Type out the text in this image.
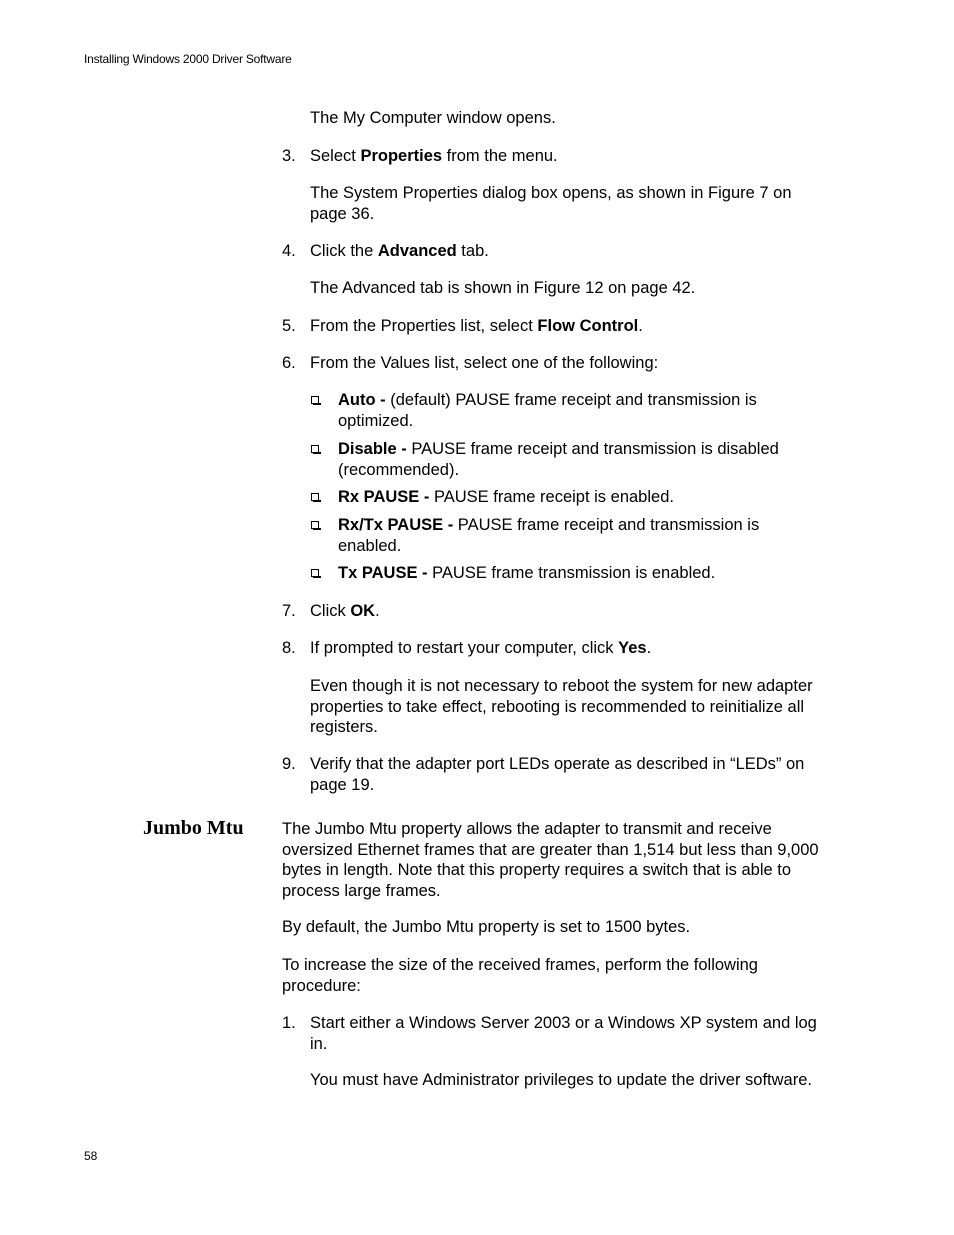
Installing Windows 2000 Driver Software
The My Computer window opens.
3. Select Properties from the menu.
The System Properties dialog box opens, as shown in Figure 7 on
page 36.
4. Click the Advanced tab.
The Advanced tab is shown in Figure 12 on page 42.
5. From the Properties list, select Flow Control.
6. From the Values list, select one of the following:
Auto - (default) PAUSE frame receipt and transmission is
optimized.
Disable - PAUSE frame receipt and transmission is disabled
(recommended).
Rx PAUSE - PAUSE frame receipt is enabled.
Rx/Tx PAUSE - PAUSE frame receipt and transmission is
enabled.
Tx PAUSE - PAUSE frame transmission is enabled.
7. Click OK.
8. If prompted to restart your computer, click Yes.
Even though it is not necessary to reboot the system for new adapter
properties to take effect, rebooting is recommended to reinitialize all
registers.
9. Verify that the adapter port LEDs operate as described in “LEDs” on
page 19.
Jumbo Mtu The Jumbo Mtu property allows the adapter to transmit and receive
oversized Ethernet frames that are greater than 1,514 but less than 9,000
bytes in length. Note that this property requires a switch that is able to
process large frames.
By default, the Jumbo Mtu property is set to 1500 bytes.
To increase the size of the received frames, perform the following
procedure:
1. Start either a Windows Server 2003 or a Windows XP system and log
in.
You must have Administrator privileges to update the driver software.
58
